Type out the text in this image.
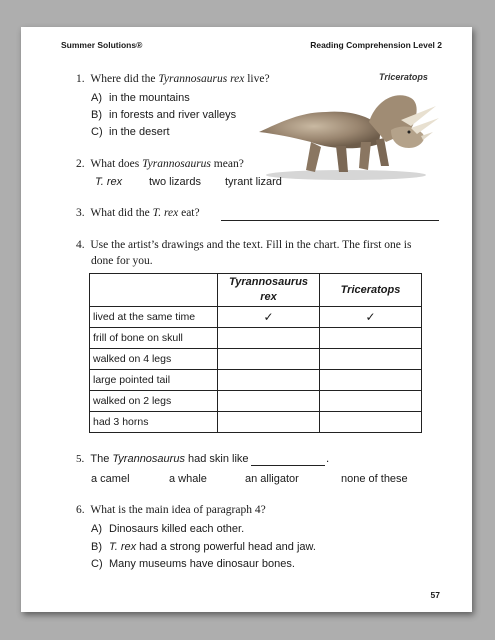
Summer Solutions®	Reading Comprehension Level 2
Triceratops
1. Where did the Tyrannosaurus rex live?
A) in the mountains
B) in forests and river valleys
C) in the desert
2. What does Tyrannosaurus mean?
T. rex two lizards tyrant lizard
3. What did the T. rex eat?
4. Use the artist’s drawings and the text. Fill in the chart. The first one is
done for you.
	Tyrannosaurus rex	Triceratops
lived at the same time	✓	✓
frill of bone on skull		
walked on 4 legs		
large pointed tail		
walked on 2 legs		
had 3 horns		
5. The Tyrannosaurus had skin like	.
a camel	a whale	an alligator	none of these
6. What is the main idea of paragraph 4?
A) Dinosaurs killed each other.
B) T. rex had a strong powerful head and jaw.
C) Many museums have dinosaur bones.
57
